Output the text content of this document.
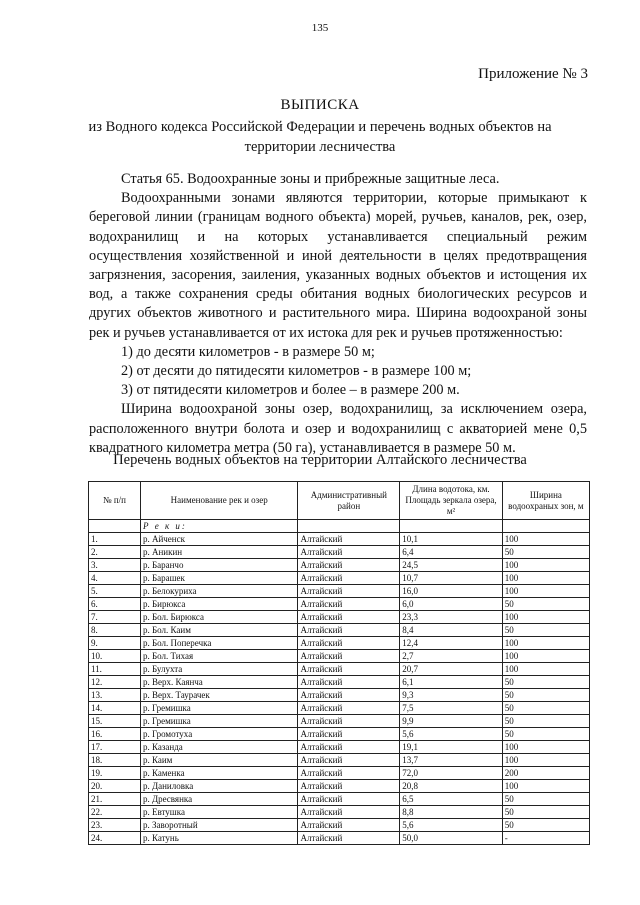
135
Приложение № 3
ВЫПИСКА
из Водного кодекса Российской Федерации и перечень водных объектов на территории лесничества

Статья 65. Водоохранные зоны и прибрежные защитные леса.

Водоохранными зонами являются территории, которые примыкают к береговой линии (границам водного объекта) морей, ручьев, каналов, рек, озер, водохранилищ и на которых устанавливается специальный режим осуществления хозяйственной и иной деятельности в целях предотвращения загрязнения, засорения, заиления, указанных водных объектов и истощения их вод, а также сохранения среды обитания водных биологических ресурсов и других объектов животного и растительного мира. Ширина водоохраной зоны рек и ручьев устанавливается от их истока для рек и ручьев протяженностью:

1) до десяти километров - в размере 50 м;

2) от десяти до пятидесяти километров - в размере 100 м;

3) от пятидесяти километров и более – в размере 200 м.

Ширина водоохраной зоны озер, водохранилищ, за исключением озера, расположенного внутри болота и озер и водохранилищ с акваторией мене 0,5 квадратного километра метра (50 га), устанавливается в размере 50 м.

Перечень водных объектов на территории Алтайского лесничества
№ п/п	Наименование рек и озер	Административный район	Длина водотока, км. Площадь зеркала озера, м²	Ширина водоохраных зон, м
	Р е к и:			
1.	р. Айченск	Алтайский	10,1	100
2.	р. Аникин	Алтайский	6,4	50
3.	р. Баранчо	Алтайский	24,5	100
4.	р. Барашек	Алтайский	10,7	100
5.	р. Белокуриха	Алтайский	16,0	100
6.	р. Бирюкса	Алтайский	6,0	50
7.	р. Бол. Бирюкса	Алтайский	23,3	100
8.	р. Бол. Каим	Алтайский	8,4	50
9.	р. Бол. Поперечка	Алтайский	12,4	100
10.	р. Бол. Тихая	Алтайский	2,7	100
11.	р. Булухта	Алтайский	20,7	100
12.	р. Верх. Каянча	Алтайский	6,1	50
13.	р. Верх. Таурачек	Алтайский	9,3	50
14.	р. Гремишка	Алтайский	7,5	50
15.	р. Гремишка	Алтайский	9,9	50
16.	р. Громотуха	Алтайский	5,6	50
17.	р. Казанда	Алтайский	19,1	100
18.	р. Каим	Алтайский	13,7	100
19.	р. Каменка	Алтайский	72,0	200
20.	р. Даниловка	Алтайский	20,8	100
21.	р. Дресвянка	Алтайский	6,5	50
22.	р. Евтушка	Алтайский	8,8	50
23.	р. Заворотный	Алтайский	5,6	50
24.	р. Катунь	Алтайский	50,0	-
